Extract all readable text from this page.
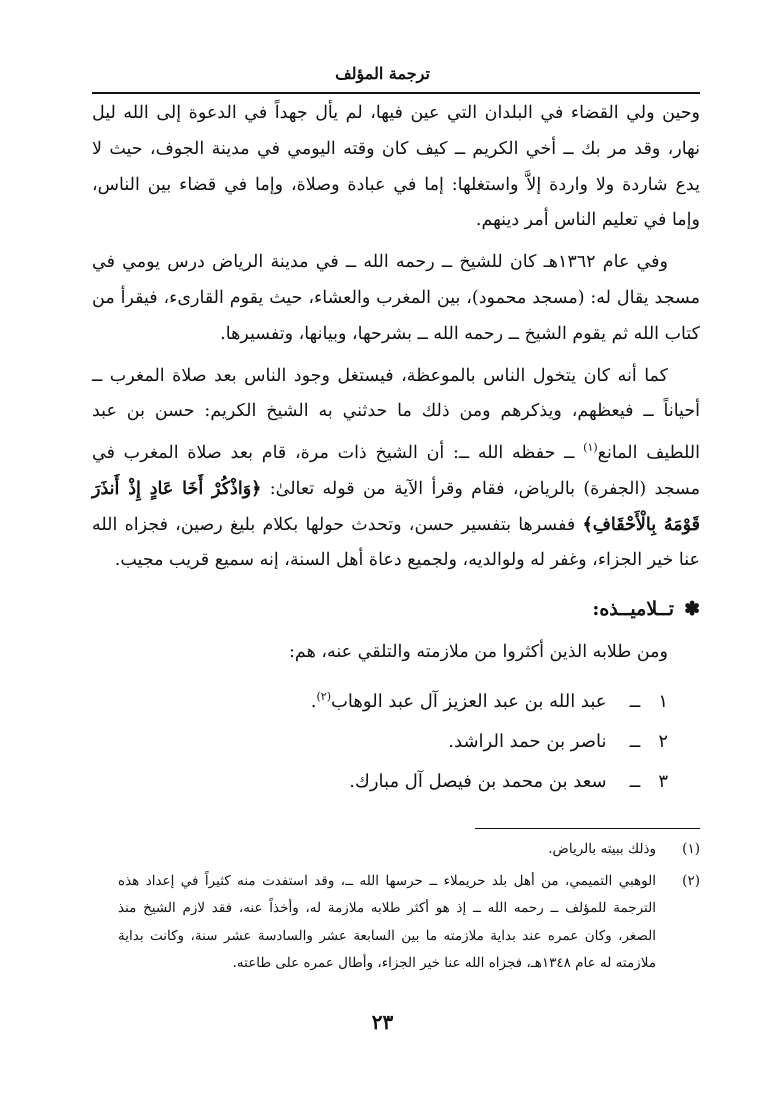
ترجمة المؤلف

وحين ولي القضاء في البلدان التي عين فيها، لم يأل جهداً في الدعوة إلى الله ليل نهار، وقد مر بك ــ أخي الكريم ــ كيف كان وقته اليومي في مدينة الجوف، حيث لا يدع شاردة ولا واردة إلاَّ واستغلها: إما في عبادة وصلاة، وإما في قضاء بين الناس، وإما في تعليم الناس أمر دينهم.

وفي عام ١٣٦٢هـ كان للشيخ ــ رحمه الله ــ في مدينة الرياض درس يومي في مسجد يقال له: (مسجد محمود)، بين المغرب والعشاء، حيث يقوم القارىء، فيقرأ من كتاب الله ثم يقوم الشيخ ــ رحمه الله ــ بشرحها، وبيانها، وتفسيرها.

كما أنه كان يتخول الناس بالموعظة، فيستغل وجود الناس بعد صلاة المغرب ــ أحياناً ــ فيعظهم، ويذكرهم ومن ذلك ما حدثني به الشيخ الكريم: حسن بن عبد اللطيف المانع$^{(١)}$ ــ حفظه الله ــ: أن الشيخ ذات مرة، قام بعد صلاة المغرب في مسجد (الجفرة) بالرياض، فقام وقرأ الآية من قوله تعالىٰ: ﴿وَاذْكُرْ أَخَا عَادٍ إِذْ أَنذَرَ قَوْمَهُ بِالْأَحْقَافِ﴾ ففسرها بتفسير حسن، وتحدث حولها بكلام بليغ رصين، فجزاه الله عنا خير الجزاء، وغفر له ولوالديه، ولجميع دعاة أهل السنة، إنه سميع قريب مجيب.

✽تــلاميــذه:

ومن طلابه الذين أكثروا من ملازمته والتلقي عنه، هم:

١ ــ عبد الله بن عبد العزيز آل عبد الوهاب$^{(٢)}$.
٢ ــ ناصر بن حمد الراشد.
٣ ــ سعد بن محمد بن فيصل آل مبارك.
(١)
وذلك ببيته بالرياض.
(٢)
الوهبي التميمي، من أهل بلد حريملاء ــ حرسها الله ــ، وقد استفدت منه كثيراً في إعداد هذه الترجمة للمؤلف ــ رحمه الله ــ إذ هو أكثر طلابه ملازمة له، وأخذاً عنه، فقد لازم الشيخ منذ الصغر، وكان عمره عند بداية ملازمته ما بين السابعة عشر والسادسة عشر سنة، وكانت بداية ملازمته له عام ١٣٤٨هـ، فجزاه الله عنا خير الجزاء، وأطال عمره على طاعته.
٢٣
